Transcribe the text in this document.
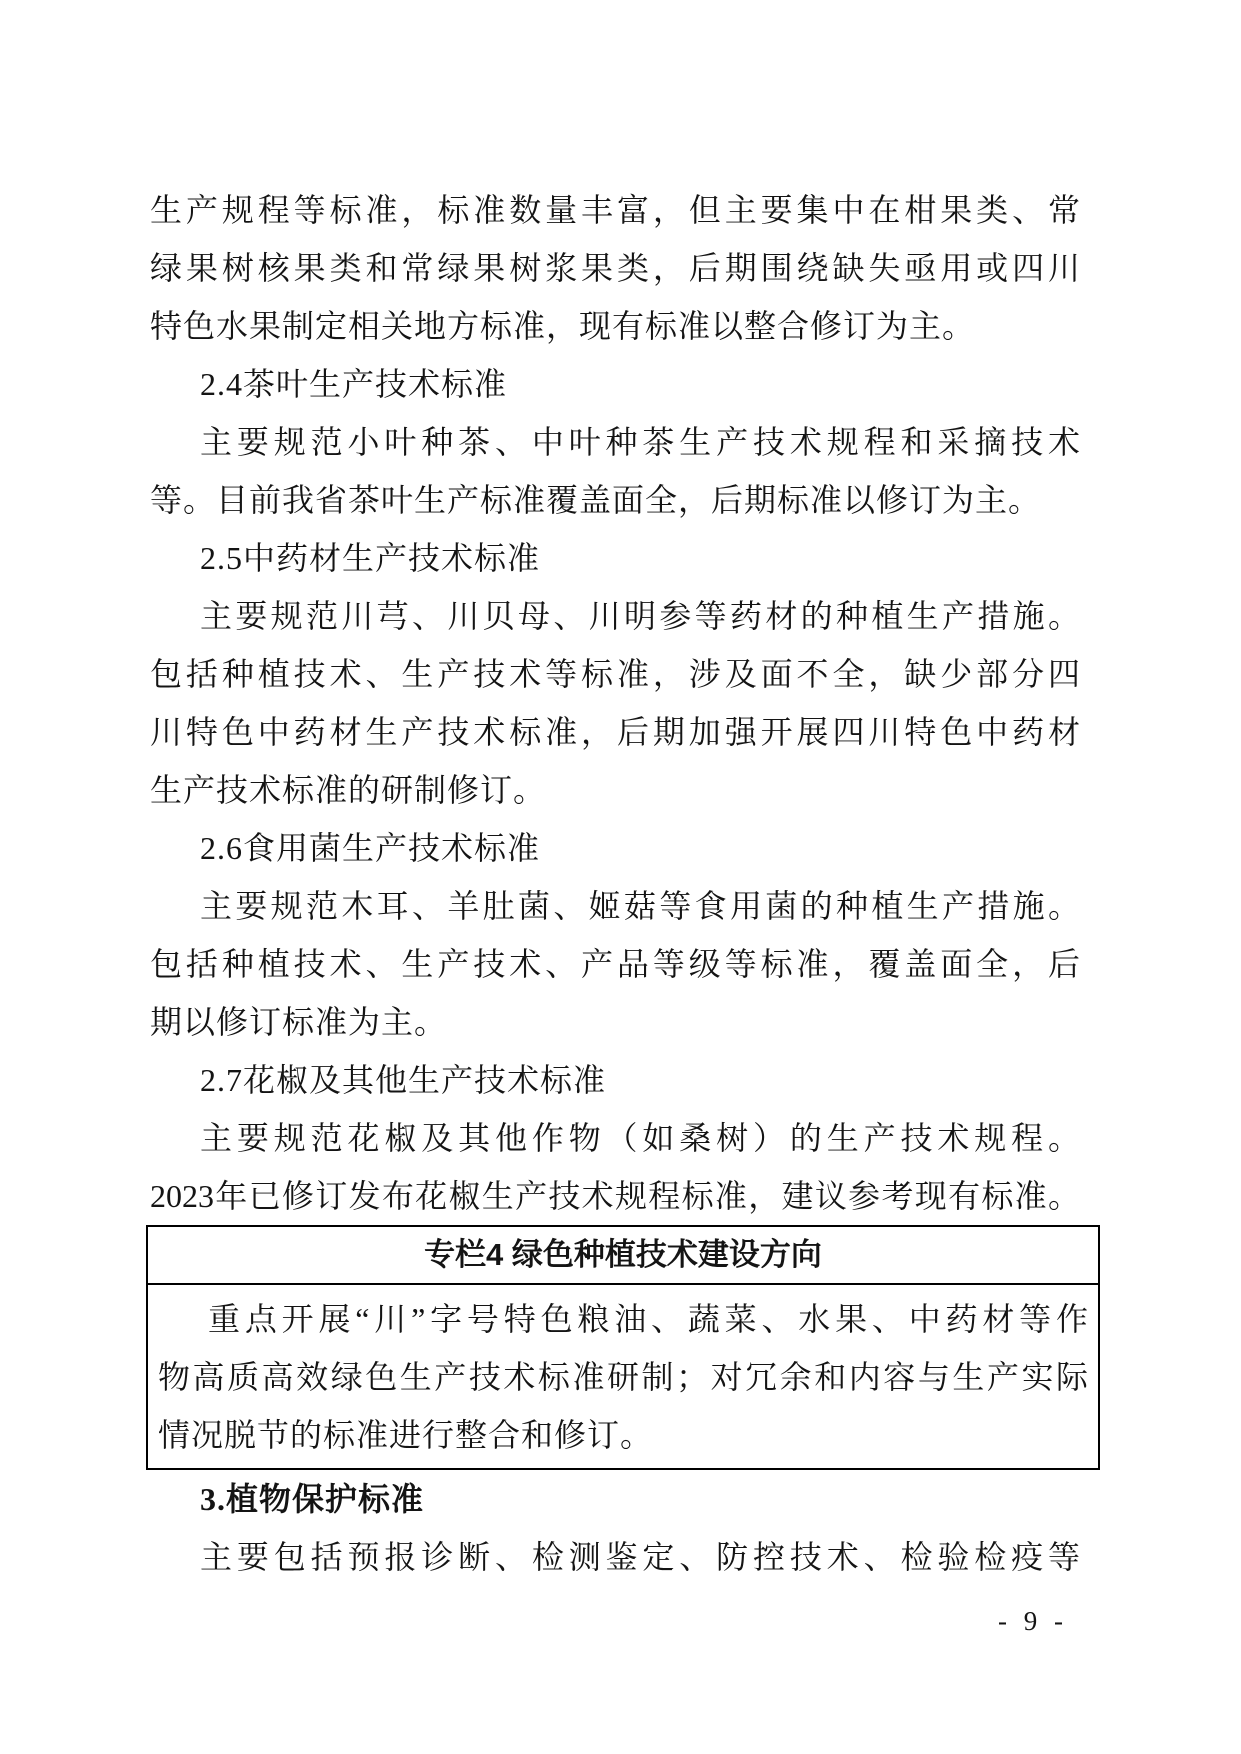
生产规程等标准，标准数量丰富，但主要集中在柑果类、常
绿果树核果类和常绿果树浆果类，后期围绕缺失亟用或四川
特色水果制定相关地方标准，现有标准以整合修订为主。
2.4茶叶生产技术标准
主要规范小叶种茶、中叶种茶生产技术规程和采摘技术
等。目前我省茶叶生产标准覆盖面全，后期标准以修订为主。
2.5中药材生产技术标准
主要规范川芎、川贝母、川明参等药材的种植生产措施。
包括种植技术、生产技术等标准，涉及面不全，缺少部分四
川特色中药材生产技术标准，后期加强开展四川特色中药材
生产技术标准的研制修订。
2.6食用菌生产技术标准
主要规范木耳、羊肚菌、姬菇等食用菌的种植生产措施。
包括种植技术、生产技术、产品等级等标准，覆盖面全，后
期以修订标准为主。
2.7花椒及其他生产技术标准
主要规范花椒及其他作物（如桑树）的生产技术规程。
2023年已修订发布花椒生产技术规程标准，建议参考现有标准。
专栏4 绿色种植技术建设方向
重点开展“川”字号特色粮油、蔬菜、水果、中药材等作
物高质高效绿色生产技术标准研制；对冗余和内容与生产实际
情况脱节的标准进行整合和修订。
3.植物保护标准
主要包括预报诊断、检测鉴定、防控技术、检验检疫等
- 9 -
